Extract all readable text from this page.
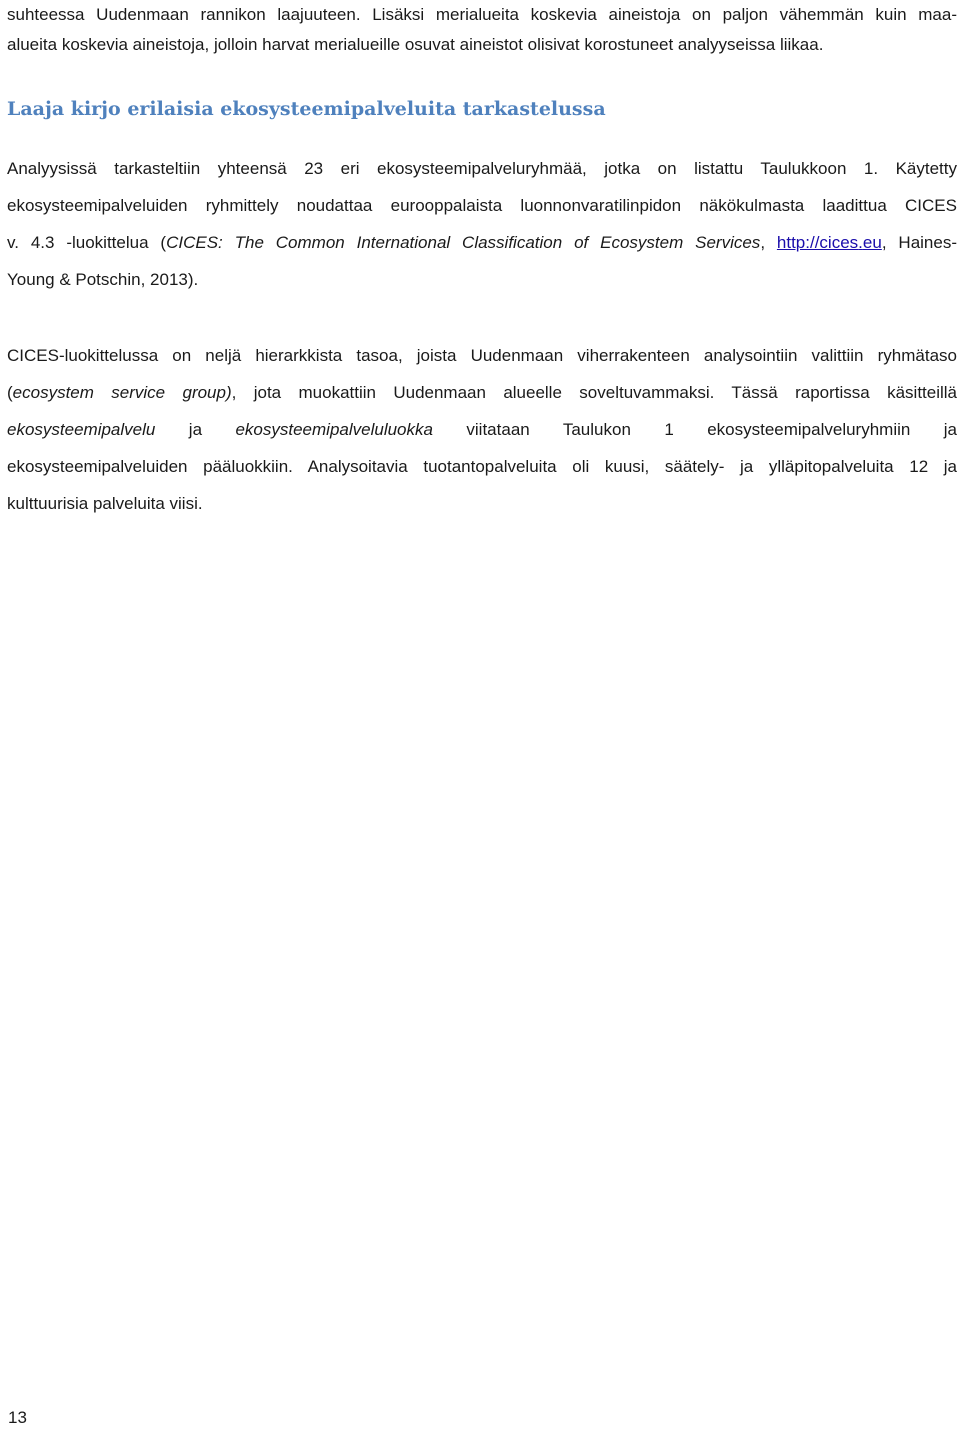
suhteessa Uudenmaan rannikon laajuuteen. Lisäksi merialueita koskevia aineistoja on paljon vähemmän kuin maa-
alueita koskevia aineistoja, jolloin harvat merialueille osuvat aineistot olisivat korostuneet analyyseissa liikaa.
Laaja kirjo erilaisia ekosysteemipalveluita tarkastelussa
Analyysissä tarkasteltiin yhteensä 23 eri ekosysteemipalveluryhmää, jotka on listattu Taulukkoon 1. Käytetty
ekosysteemipalveluiden ryhmittely noudattaa eurooppalaista luonnonvaratilinpidon näkökulmasta laadittua CICES
v. 4.3 -luokittelua (CICES: The Common International Classification of Ecosystem Services, http://cices.eu, Haines-
Young & Potschin, 2013).
CICES-luokittelussa on neljä hierarkkista tasoa, joista Uudenmaan viherrakenteen analysointiin valittiin ryhmätaso
(ecosystem service group), jota muokattiin Uudenmaan alueelle soveltuvammaksi. Tässä raportissa käsitteillä
ekosysteemipalvelu ja ekosysteemipalveluluokka viitataan Taulukon 1 ekosysteemipalveluryhmiin ja
ekosysteemipalveluiden pääluokkiin. Analysoitavia tuotantopalveluita oli kuusi, säätely- ja ylläpitopalveluita 12 ja
kulttuurisia palveluita viisi.
13
